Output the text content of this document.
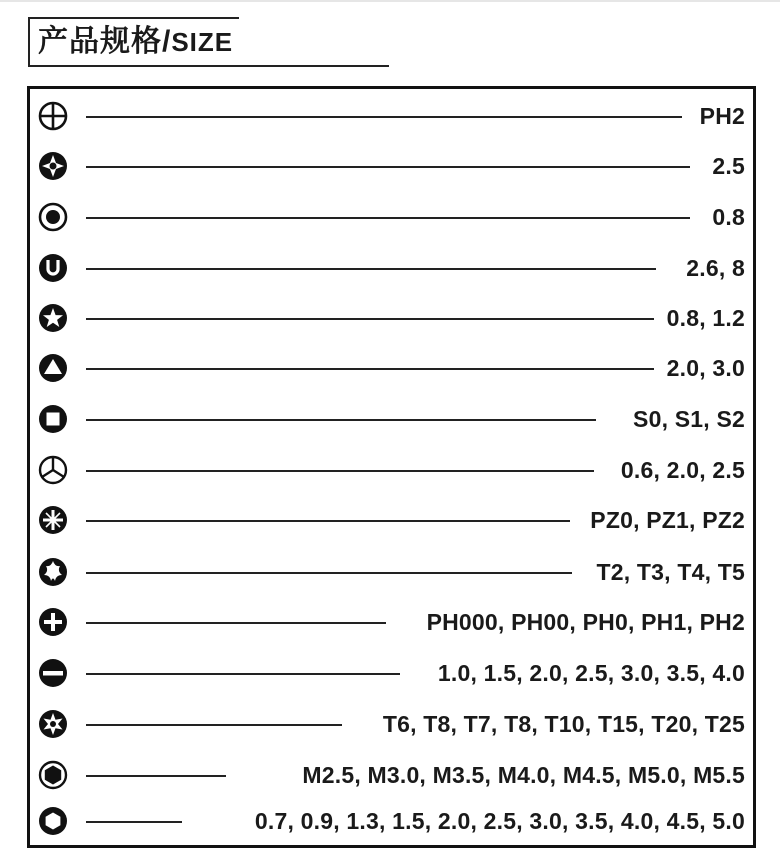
产品规格/SIZE
PH2
2.5
0.8
2.6, 8
0.8, 1.2
2.0, 3.0
S0, S1, S2
0.6, 2.0, 2.5
PZ0, PZ1, PZ2
T2, T3, T4, T5
PH000, PH00, PH0, PH1, PH2
1.0, 1.5, 2.0, 2.5, 3.0, 3.5, 4.0
T6, T8, T7, T8, T10, T15, T20, T25
M2.5, M3.0, M3.5, M4.0, M4.5, M5.0, M5.5
0.7, 0.9, 1.3, 1.5, 2.0, 2.5, 3.0, 3.5, 4.0, 4.5, 5.0
